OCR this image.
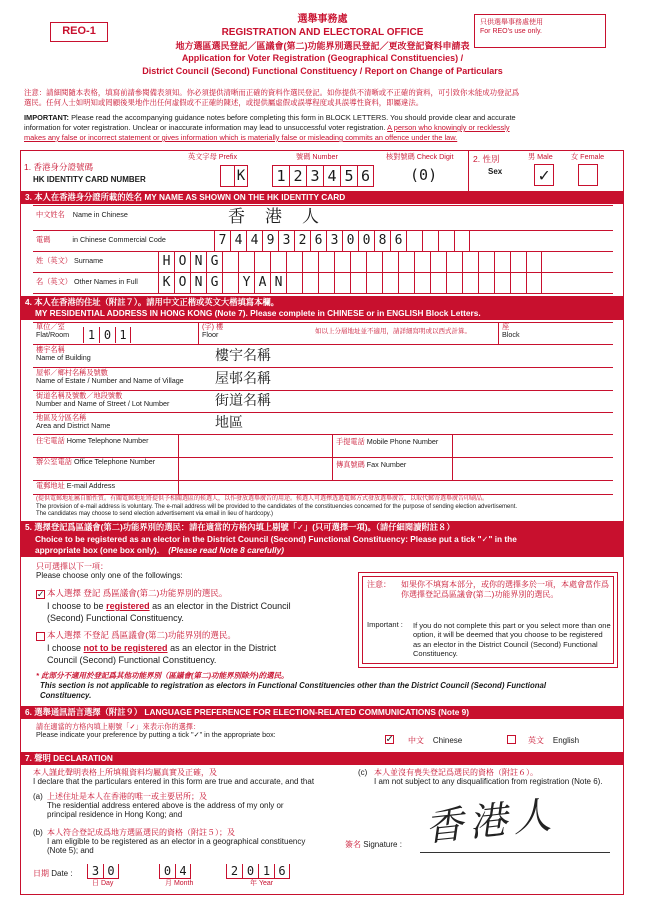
REO-1
只供選舉事務處使用
For REO's use only.
選舉事務處
REGISTRATION AND ELECTORAL OFFICE
地方選區選民登記／區議會(第二)功能界別選民登記／更改登記資料申請表
Application for Voter Registration (Geographical Constituencies) /
District Council (Second) Functional Constituency / Report on Change of Particulars
注意：請細閱隨本表格，填寫前請參閱備表須知。你必須提供清晰而正確的資料作選民登記。如你提供不清晰或不正確的資料，可引致你未能成功登記爲
選民。任何人士如明知或罔顧後果地作出任何虛假或不正確的陳述，或提供屬虛假或誤導程度或具誤導性資料，即屬違法。
IMPORTANT: Please read the accompanying guidance notes before completing this form in BLOCK LETTERS. You should provide clear and accurate
information for voter registration. Unclear or inaccurate information may lead to unsuccessful voter registration. A person who knowingly or recklessly
makes any false or incorrect statement or gives information which is materially false or misleading commits an offence under the law.
1. 香港身分證號碼
HK IDENTITY CARD NUMBER
英文字母 Prefix	號碼 Number	核對號碼 Check Digit
K 1 2 3 4 5 6	(0)
2. 性別
Sex
男 Male	女 Female
✓
3. 本人在香港身分證所載的姓名 MY NAME AS SHOWN ON THE HK IDENTITY CARD
中文姓名 Name in Chinese	香 港 人
電碼	in Chinese Commercial Code	7 4 4 9 3 2 6 3 0 0 8 6
姓（英文） Surname	H O N G
名（英文） Other Names in Full	K O N G	Y A N
4. 本人在香港的住址（附註７）。請用中文正楷或英文大楷填寫本欄。
MY RESIDENTIAL ADDRESS IN HONG KONG (Note 7). Please complete in CHINESE or in ENGLISH Block Letters.
單位／室
Flat/Room	1 0 1
(字) 樓
Floor	如以上分層地址並不適用，請詳細寫明或以西式計算。
座
Block
樓宇名稱
Name of Building	樓宇名稱
屋邨／鄉村名稱及號數
Name of Estate / Number and Name of Village 屋邨名稱
街道名稱及號數／地段號數
Number and Name of Street / Lot Number	街道名稱
地區及分區名稱
Area and District Name	地區
住宅電話 Home Telephone Number	手提電話 Mobile Phone Number
辦公室電話 Office Telephone Number	傳真號碼 Fax Number
電郵地址 E-mail Address
(提供電郵地址屬自願性質。有關電郵地址將提供予相關選區的候選人，以作發放選舉廣告的用途。候選人可選擇透過電郵方式發放選舉廣告，以取代郵寄選舉廣告印刷品。
The provision of e-mail address is voluntary. The e-mail address will be provided to the candidates of the constituencies concerned for the purpose of sending election advertisement.
The candidates may choose to send election advertisement via email in lieu of hardcopy.)
5. 選擇登記爲區議會(第二)功能界別的選民：請在適當的方格內填上剔號「✓」(只可選擇一項)。（請仔細閱讀附註８）
Choice to be registered as an elector in the District Council (Second) Functional Constituency: Please put a tick "✓" in the
appropriate box (one box only). (Please read Note 8 carefully)
只可選擇以下一項：
Please choose only one of the followings:
✓ 本人選擇 登記 爲區議會(第二)功能界別的選民。
I choose to be registered as an elector in the District Council
(Second) Functional Constituency.
本人選擇 不登記 爲區議會(第二)功能界別的選民。
I choose not to be registered as an elector in the District
Council (Second) Functional Constituency.
注意： 如果你不填寫本部分，或你的選擇多於一項，本處會當作爲你選擇登記爲區議會(第二)功能界別的選民。
Important : If you do not complete this part or you select more than one option, it will be deemed that you choose to be registered as an elector in the District Council (Second) Functional Constituency.
* 此部分不適用於登記爲其他功能界別（區議會(第二)功能界別除外)的選民。
This section is not applicable to registration as electors in Functional Constituencies other than the District Council (Second) Functional
Constituency.
6. 選舉通訊語言選擇（附註９） LANGUAGE PREFERENCE FOR ELECTION-RELATED COMMUNICATIONS (Note 9)
請在適當的方格內填上剔號「✓」來表示你的選擇：
Please indicate your preference by putting a tick "✓" in the appropriate box:	✓ 中文 Chinese	英文 English
7. 聲明 DECLARATION
本人謹此聲明表格上所填報資料均屬真實及正確，及
I declare that the particulars entered in this form are true and accurate, and that
(a) 上述住址是本人在香港的唯一或主要居所；及
The residential address entered above is the address of my only or
principal residence in Hong Kong; and
(b) 本人符合登記成爲地方選區選民的資格（附註５）；及
I am eligible to be registered as an elector in a geographical constituency
(Note 5); and
(c) 本人並沒有喪失登記爲選民的資格（附註６）。
I am not subject to any disqualification from registration (Note 6).
簽名 Signature : 香港人
日期 Date :	3 0	0 4	2 0 1 6
日 Day	月 Month	年 Year
